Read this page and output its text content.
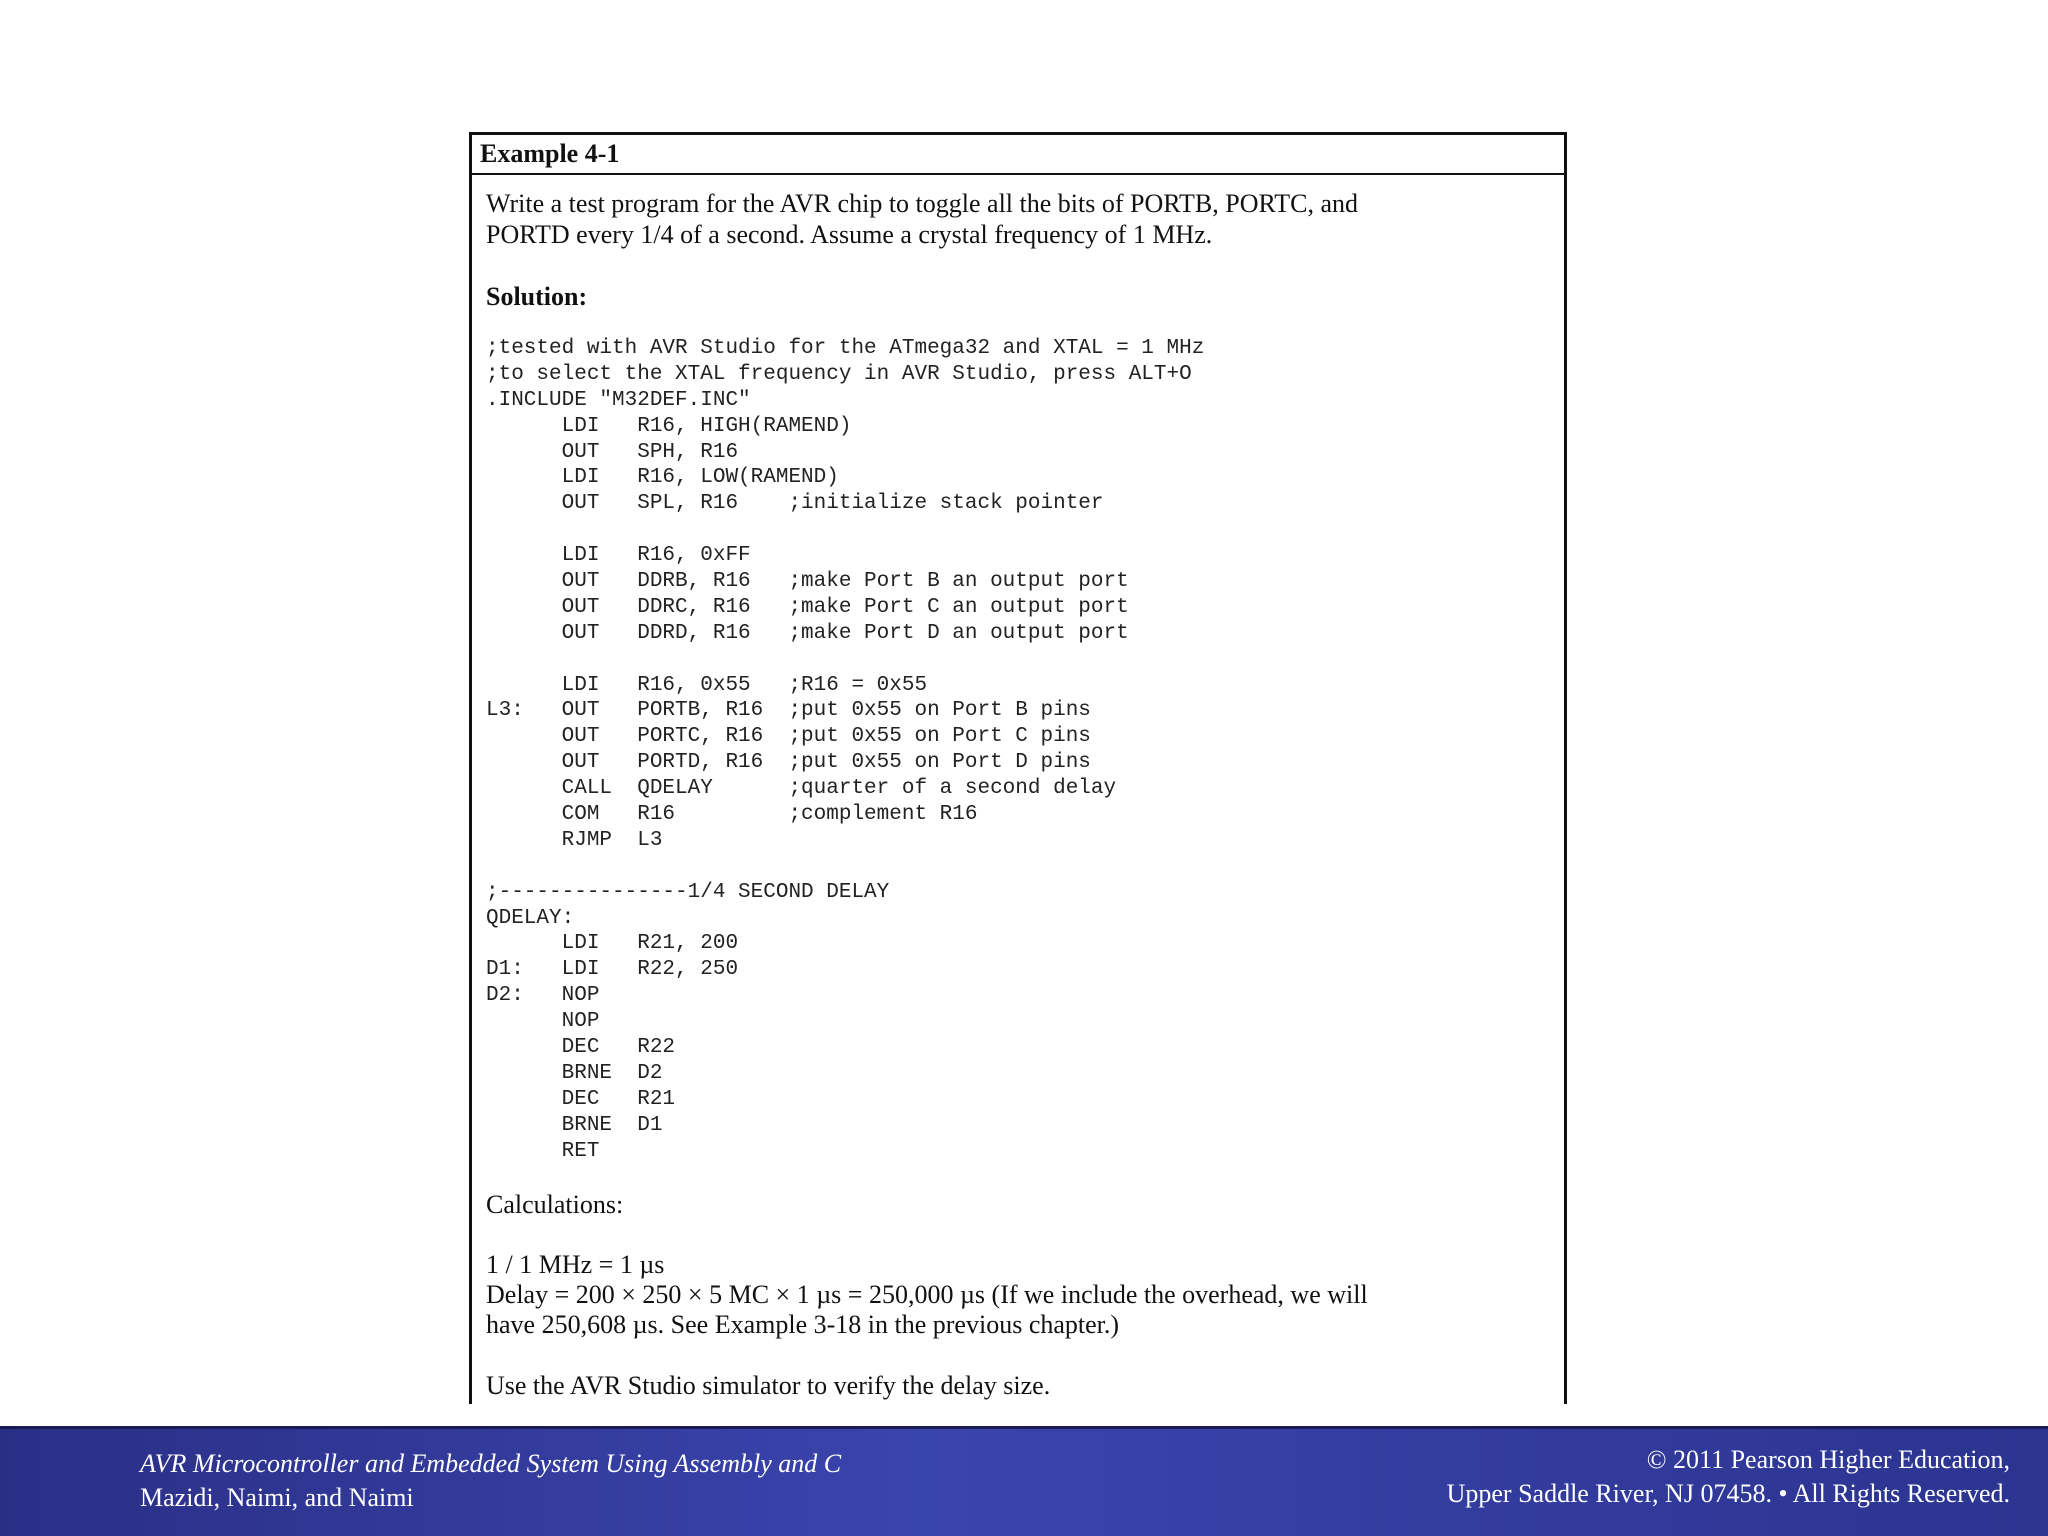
Example 4-1
Write a test program for the AVR chip to toggle all the bits of PORTB, PORTC, and
PORTD every 1/4 of a second. Assume a crystal frequency of 1 MHz.
Solution:
;tested with AVR Studio for the ATmega32 and XTAL = 1 MHz
;to select the XTAL frequency in AVR Studio, press ALT+O
.INCLUDE "M32DEF.INC"
LDI   R16, HIGH(RAMEND)
OUT   SPH, R16
LDI   R16, LOW(RAMEND)
OUT   SPL, R16    ;initialize stack pointer
LDI   R16, 0xFF
OUT   DDRB, R16   ;make Port B an output port
OUT   DDRC, R16   ;make Port C an output port
OUT   DDRD, R16   ;make Port D an output port
LDI   R16, 0x55   ;R16 = 0x55
L3:   OUT   PORTB, R16  ;put 0x55 on Port B pins
OUT   PORTC, R16  ;put 0x55 on Port C pins
OUT   PORTD, R16  ;put 0x55 on Port D pins
CALL  QDELAY      ;quarter of a second delay
COM   R16         ;complement R16
RJMP  L3
;---------------1/4 SECOND DELAY
QDELAY:
LDI   R21, 200
D1:   LDI   R22, 250
D2:   NOP
NOP
DEC   R22
BRNE  D2
DEC   R21
BRNE  D1
RET
Calculations:
1 / 1 MHz = 1 µs
Delay = 200 × 250 × 5 MC × 1 µs = 250,000 µs (If we include the overhead, we will
have 250,608 µs. See Example 3-18 in the previous chapter.)
Use the AVR Studio simulator to verify the delay size.
AVR Microcontroller and Embedded System Using Assembly and C
Mazidi, Naimi, and Naimi
© 2011 Pearson Higher Education,
Upper Saddle River, NJ 07458. • All Rights Reserved.
